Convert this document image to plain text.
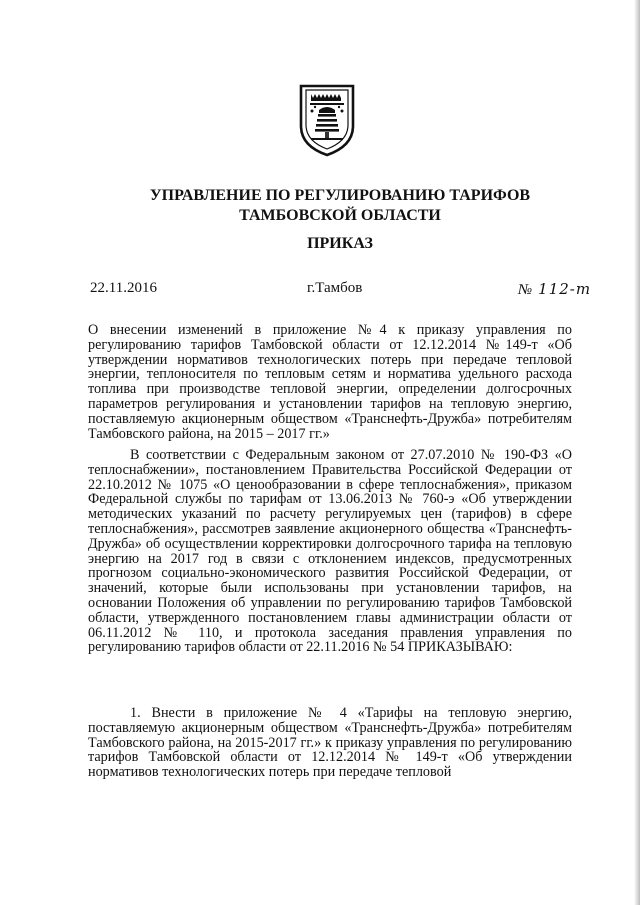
УПРАВЛЕНИЕ ПО РЕГУЛИРОВАНИЮ ТАРИФОВ
ТАМБОВСКОЙ ОБЛАСТИ
ПРИКАЗ
22.11.2016	г.Тамбов	№ 112-т
О внесении изменений в приложение №4 к приказу управления по регулированию тарифов Тамбовской области от 12.12.2014 №149-т «Об утверждении нормативов технологических потерь при передаче тепловой энергии, теплоносителя по тепловым сетям и норматива удельного расхода топлива при производстве тепловой энергии, определении долгосрочных параметров регулирования и установлении тарифов на тепловую энергию, поставляемую акционерным обществом «Транснефть-Дружба» потребителям Тамбовского района, на 2015 – 2017 гг.»
В соответствии с Федеральным законом от 27.07.2010 № 190-ФЗ «О теплоснабжении», постановлением Правительства Российской Федерации от 22.10.2012 № 1075 «О ценообразовании в сфере теплоснабжения», приказом Федеральной службы по тарифам от 13.06.2013 № 760-э «Об утверждении методических указаний по расчету регулируемых цен (тарифов) в сфере теплоснабжения», рассмотрев заявление акционерного общества «Транснефть-Дружба» об осуществлении корректировки долгосрочного тарифа на тепловую энергию на 2017 год в связи с отклонением индексов, предусмотренных прогнозом социально-экономического развития Российской Федерации, от значений, которые были использованы при установлении тарифов, на основании Положения об управлении по регулированию тарифов Тамбовской области, утвержденного постановлением главы администрации области от 06.11.2012 № 110, и протокола заседания правления управления по регулированию тарифов области от 22.11.2016 № 54 ПРИКАЗЫВАЮ:
1. Внести в приложение № 4 «Тарифы на тепловую энергию, поставляемую акционерным обществом «Транснефть-Дружба» потребителям Тамбовского района, на 2015-2017 гг.» к приказу управления по регулированию тарифов Тамбовской области от 12.12.2014 № 149-т «Об утверждении нормативов технологических потерь при передаче тепловой
